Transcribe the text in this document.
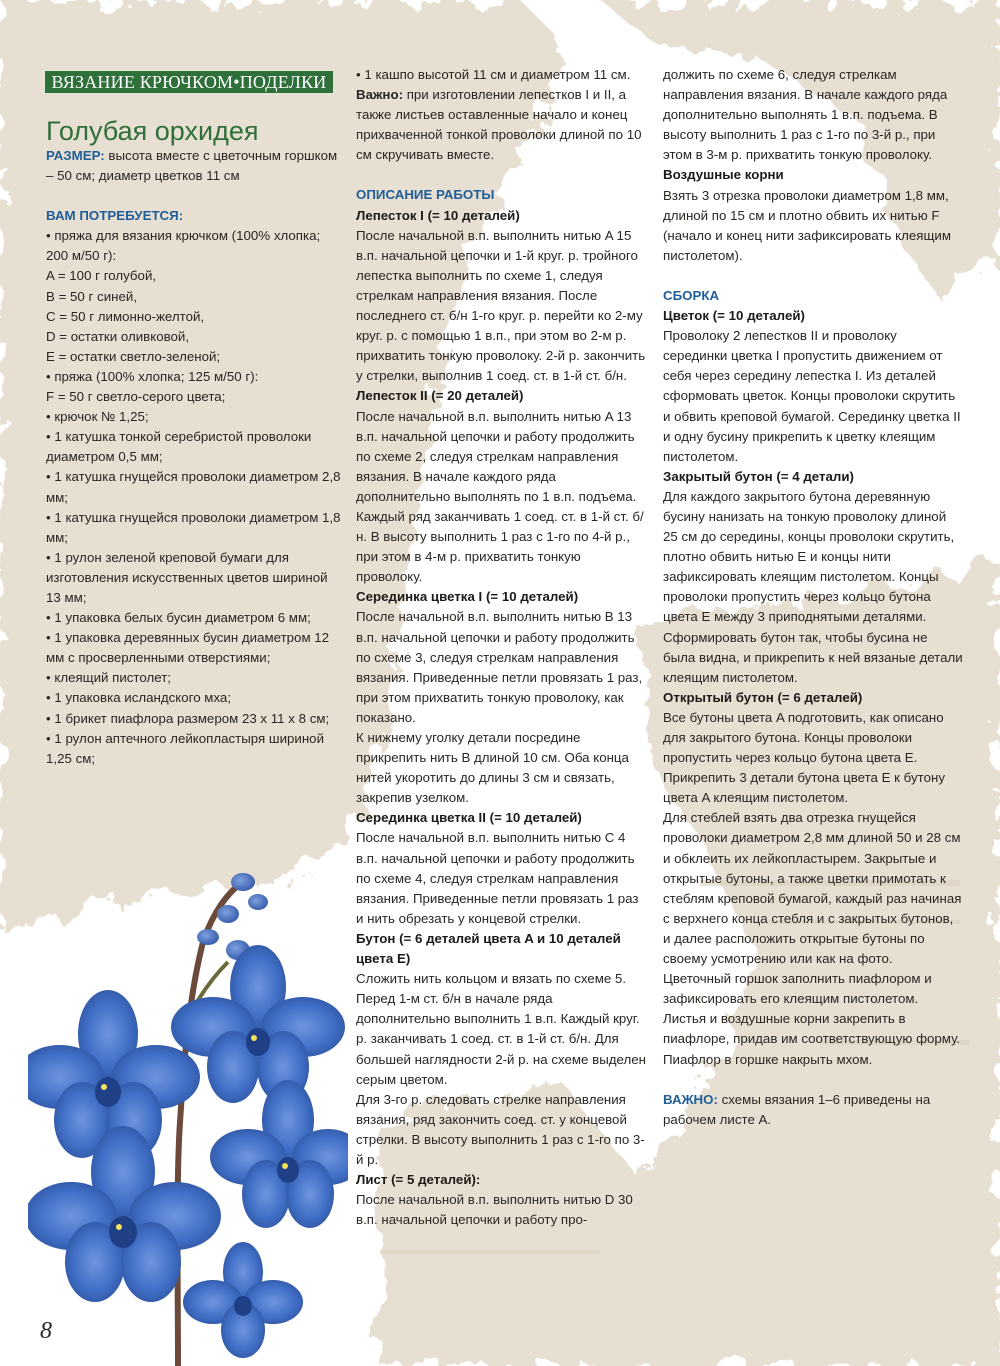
ВЯЗАНИЕ КРЮЧКОМ•ПОДЕЛКИ
Голубая орхидея

РАЗМЕР: высота вместе с цветочным горшком – 50 см; диаметр цветков 11 см

ВАМ ПОТРЕБУЕТСЯ:

• пряжа для вязания крючком (100% хлопка; 200 м/50 г):

A = 100 г голубой,

B = 50 г синей,

C = 50 г лимонно-желтой,

D = остатки оливковой,

E = остатки светло-зеленой;

• пряжа (100% хлопка; 125 м/50 г):

F = 50 г светло-серого цвета;

• крючок № 1,25;

• 1 катушка тонкой серебристой проволоки диаметром 0,5 мм;

• 1 катушка гнущейся проволоки диаметром 2,8 мм;

• 1 катушка гнущейся проволоки диаметром 1,8 мм;

• 1 рулон зеленой креповой бумаги для изготовления искусственных цветов шириной 13 мм;

• 1 упаковка белых бусин диаметром 6 мм;

• 1 упаковка деревянных бусин диаметром 12 мм с просверленными отверстиями;

• клеящий пистолет;

• 1 упаковка исландского мха;

• 1 брикет пиафлора размером 23 х 11 х 8 см;

• 1 рулон аптечного лейкопластыря шириной 1,25 см;

• 1 кашпо высотой 11 см и диаметром 11 см.

Важно: при изготовлении лепестков I и II, а также листьев оставленные начало и конец прихваченной тонкой проволоки длиной по 10 см скручивать вместе.

ОПИСАНИЕ РАБОТЫ

Лепесток I (= 10 деталей)

После начальной в.п. выполнить нитью A 15 в.п. начальной цепочки и 1-й круг. р. тройного лепестка выполнить по схеме 1, следуя стрелкам направления вязания. После последнего ст. б/н 1-го круг. р. перейти ко 2-му круг. р. с помощью 1 в.п., при этом во 2-м р. прихватить тонкую проволоку. 2-й р. закончить у стрелки, выполнив 1 соед. ст. в 1-й ст. б/н.

Лепесток II (= 20 деталей)

После начальной в.п. выполнить нитью A 13 в.п. начальной цепочки и работу продолжить по схеме 2, следуя стрелкам направления вязания. В начале каждого ряда дополнительно выполнять по 1 в.п. подъема. Каждый ряд заканчивать 1 соед. ст. в 1-й ст. б/н. В высоту выполнить 1 раз с 1-го по 4-й р., при этом в 4-м р. прихватить тонкую проволоку.

Серединка цветка I (= 10 деталей)

После начальной в.п. выполнить нитью B 13 в.п. начальной цепочки и работу продолжить по схеме 3, следуя стрелкам направления вязания. Приведенные петли провязать 1 раз, при этом прихватить тонкую проволоку, как показано.

К нижнему уголку детали посредине прикрепить нить B длиной 10 см. Оба конца нитей укоротить до длины 3 см и связать, закрепив узелком.

Серединка цветка II (= 10 деталей)

После начальной в.п. выполнить нитью C 4 в.п. начальной цепочки и работу продолжить по схеме 4, следуя стрелкам направления вязания. Приведенные петли провязать 1 раз и нить обрезать у концевой стрелки.

Бутон (= 6 деталей цвета A и 10 деталей цвета E)

Сложить нить кольцом и вязать по схеме 5. Перед 1-м ст. б/н в начале ряда дополнительно выполнить 1 в.п. Каждый круг. р. заканчивать 1 соед. ст. в 1-й ст. б/н. Для большей наглядности 2-й р. на схеме выделен серым цветом.

Для 3-го р. следовать стрелке направления вязания, ряд закончить соед. ст. у концевой стрелки. В высоту выполнить 1 раз с 1-го по 3-й р.

Лист (= 5 деталей):

После начальной в.п. выполнить нитью D 30 в.п. начальной цепочки и работу про-

должить по схеме 6, следуя стрелкам направления вязания. В начале каждого ряда дополнительно выполнять 1 в.п. подъема. В высоту выполнить 1 раз с 1-го по 3-й р., при этом в 3-м р. прихватить тонкую проволоку.

Воздушные корни

Взять 3 отрезка проволоки диаметром 1,8 мм, длиной по 15 см и плотно обвить их нитью F (начало и конец нити зафиксировать клеящим пистолетом).

СБОРКА

Цветок (= 10 деталей)

Проволоку 2 лепестков II и проволоку серединки цветка I пропустить движением от себя через середину лепестка I. Из деталей сформовать цветок. Концы проволоки скрутить и обвить креповой бумагой. Серединку цветка II и одну бусину прикрепить к цветку клеящим пистолетом.

Закрытый бутон (= 4 детали)

Для каждого закрытого бутона деревянную бусину нанизать на тонкую проволоку длиной 25 см до середины, концы проволоки скрутить, плотно обвить нитью E и концы нити зафиксировать клеящим пистолетом. Концы проволоки пропустить через кольцо бутона цвета E между 3 приподнятыми деталями. Сформировать бутон так, чтобы бусина не была видна, и прикрепить к ней вязаные детали клеящим пистолетом.

Открытый бутон (= 6 деталей)

Все бутоны цвета A подготовить, как описано для закрытого бутона. Концы проволоки пропустить через кольцо бутона цвета E. Прикрепить 3 детали бутона цвета E к бутону цвета A клеящим пистолетом.

Для стеблей взять два отрезка гнущейся проволоки диаметром 2,8 мм длиной 50 и 28 см и обклеить их лейкопластырем. Закрытые и открытые бутоны, а также цветки примотать к стеблям креповой бумагой, каждый раз начиная с верхнего конца стебля и с закрытых бутонов, и далее расположить открытые бутоны по своему усмотрению или как на фото. Цветочный горшок заполнить пиафлором и зафиксировать его клеящим пистолетом. Листья и воздушные корни закрепить в пиафлоре, придав им соответствующую форму. Пиафлор в горшке накрыть мхом.

ВАЖНО: схемы вязания 1–6 приведены на рабочем листе A.

8
